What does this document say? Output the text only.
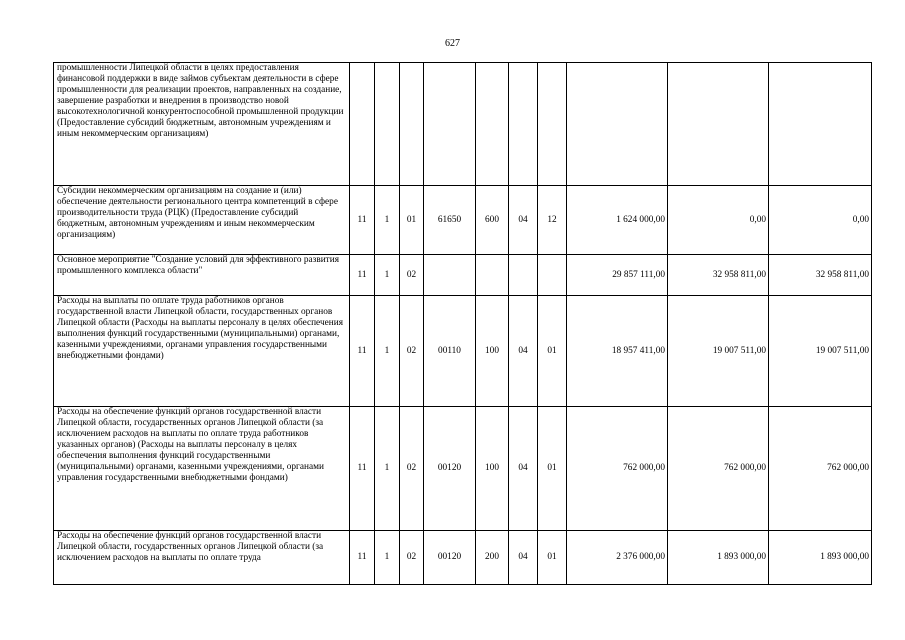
627
промышленности Липецкой области в целях предоставления финансовой поддержки в виде займов субъектам деятельности в сфере промышленности для реализации проектов, направленных на создание, завершение разработки и внедрения в производство новой высокотехнологичной конкурентоспособной промышленной продукции (Предоставление субсидий бюджетным, автономным учреждениям и иным некоммерческим организациям)										
Субсидии некоммерческим организациям на создание и (или) обеспечение деятельности регионального центра компетенций в сфере производительности труда (РЦК) (Предоставление субсидий бюджетным, автономным учреждениям и иным некоммерческим организациям)	11	1	01	61650	600	04	12	1 624 000,00	0,00	0,00
Основное мероприятие "Создание условий для эффективного развития промышленного комплекса области"	11	1	02					29 857 111,00	32 958 811,00	32 958 811,00
Расходы на выплаты по оплате труда работников органов государственной власти Липецкой области, государственных органов Липецкой области (Расходы на выплаты персоналу в целях обеспечения выполнения функций государственными (муниципальными) органами, казенными учреждениями, органами управления государственными внебюджетными фондами)	11	1	02	00110	100	04	01	18 957 411,00	19 007 511,00	19 007 511,00
Расходы на обеспечение функций органов государственной власти Липецкой области, государственных органов Липецкой области (за исключением расходов на выплаты по оплате труда работников указанных органов) (Расходы на выплаты персоналу в целях обеспечения выполнения функций государственными (муниципальными) органами, казенными учреждениями, органами управления государственными внебюджетными фондами)	11	1	02	00120	100	04	01	762 000,00	762 000,00	762 000,00
Расходы на обеспечение функций органов государственной власти Липецкой области, государственных органов Липецкой области (за исключением расходов на выплаты по оплате труда	11	1	02	00120	200	04	01	2 376 000,00	1 893 000,00	1 893 000,00
